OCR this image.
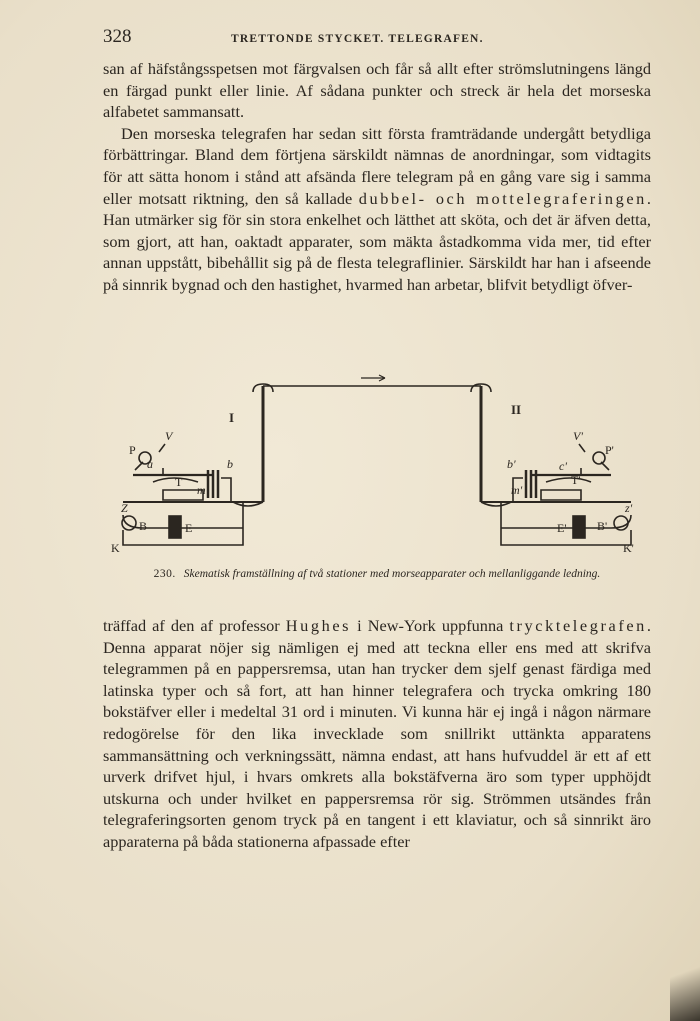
328	TRETTONDE STYCKET. TELEGRAFEN.

san af häfstångsspetsen mot färgvalsen och får så allt efter strömslutningens längd en färgad punkt eller linie. Af sådana punkter och streck är hela det morseska alfabetet sammansatt.

Den morseska telegrafen har sedan sitt första framträdande undergått betydliga förbättringar. Bland dem förtjena särskildt nämnas de anordningar, som vidtagits för att sätta honom i stånd att afsända flere telegram på en gång vare sig i samma eller motsatt riktning, den så kallade dubbel- och mottelegraferingen. Han utmärker sig för sin stora enkelhet och lätthet att sköta, och det är äfven detta, som gjort, att han, oaktadt apparater, som mäkta åstadkomma vida mer, tid efter annan uppstått, bibehållit sig på de flesta telegraflinier. Särskildt har han i afseende på sinnrik bygnad och den hastighet, hvarmed han arbetar, blifvit betydligt öfver-

I
II
P
V
a	b
T
m
Z
B	E
K
V'
P'
b'	c'
T'
m'
z'
E'	B'
K'
230. Skematisk framställning af två stationer med morseapparater och mellanliggande ledning.

träffad af den af professor Hughes i New-York uppfunna trycktelegrafen. Denna apparat nöjer sig nämligen ej med att teckna eller ens med att skrifva telegrammen på en pappersremsa, utan han trycker dem sjelf genast färdiga med latinska typer och så fort, att han hinner telegrafera och trycka omkring 180 bokstäfver eller i medeltal 31 ord i minuten. Vi kunna här ej ingå i någon närmare redogörelse för den lika invecklade som snillrikt uttänkta apparatens sammansättning och verkningssätt, nämna endast, att hans hufvuddel är ett af ett urverk drifvet hjul, i hvars omkrets alla bokstäfverna äro som typer upphöjdt utskurna och under hvilket en pappersremsa rör sig. Strömmen utsändes från telegraferingsorten genom tryck på en tangent i ett klaviatur, och så sinnrikt äro apparaterna på båda stationerna afpassade efter
